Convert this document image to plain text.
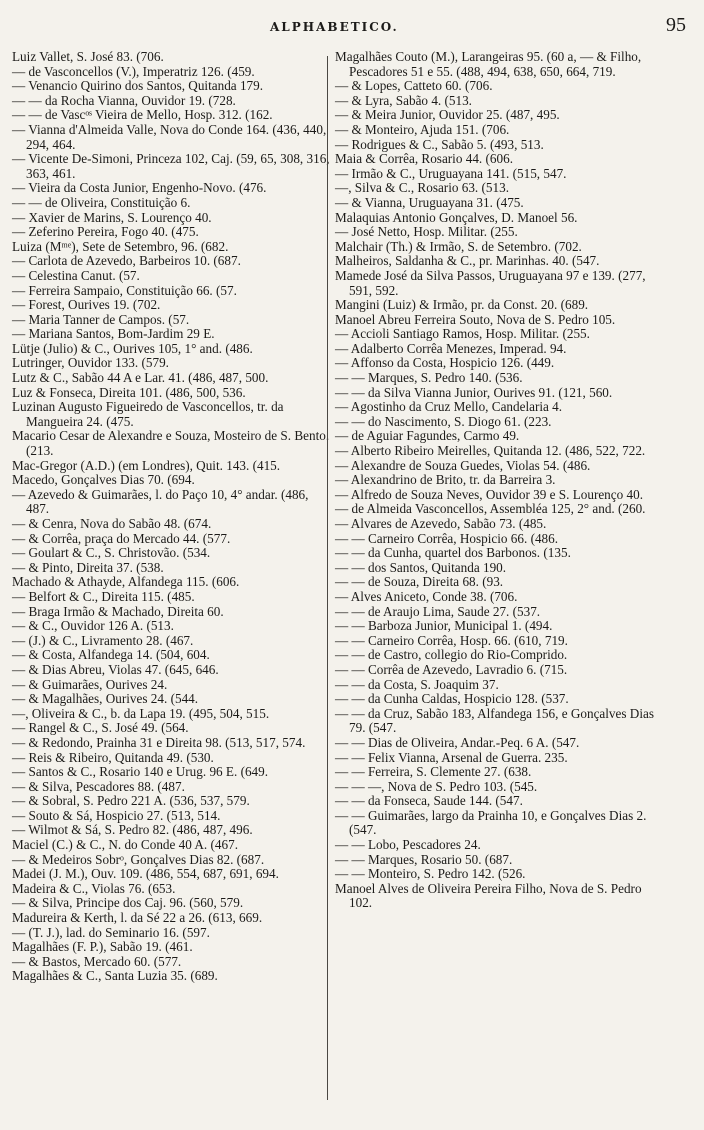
ALPHABETICO.	95
Luiz Vallet, S. José 83. (706.
— de Vasconcellos (V.), Imperatriz 126. (459.
— Venancio Quirino dos Santos, Quitanda 179.
— — da Rocha Vianna, Ouvidor 19. (728.
— — de Vascᵒˢ Vieira de Mello, Hosp. 312. (162.
— Vianna d'Almeida Valle, Nova do Conde 164. (436, 440, 294, 464.
— Vicente De-Simoni, Princeza 102, Caj. (59, 65, 308, 316, 363, 461.
— Vieira da Costa Junior, Engenho-Novo. (476.
— — de Oliveira, Constituição 6.
— Xavier de Marins, S. Lourenço 40.
— Zeferino Pereira, Fogo 40. (475.
Luiza (Mᵐᵉ), Sete de Setembro, 96. (682.
— Carlota de Azevedo, Barbeiros 10. (687.
— Celestina Canut. (57.
— Ferreira Sampaio, Constituição 66. (57.
— Forest, Ourives 19. (702.
— Maria Tanner de Campos. (57.
— Mariana Santos, Bom-Jardim 29 E.
Lütje (Julio) & C., Ourives 105, 1° and. (486.
Lutringer, Ouvidor 133. (579.
Lutz & C., Sabão 44 A e Lar. 41. (486, 487, 500.
Luz & Fonseca, Direita 101. (486, 500, 536.
Luzinan Augusto Figueiredo de Vasconcellos, tr. da Mangueira 24. (475.
Macario Cesar de Alexandre e Souza, Mosteiro de S. Bento. (213.
Mac-Gregor (A.D.) (em Londres), Quit. 143. (415.
Macedo, Gonçalves Dias 70. (694.
— Azevedo & Guimarães, l. do Paço 10, 4° andar. (486, 487.
— & Cenra, Nova do Sabão 48. (674.
— & Corrêa, praça do Mercado 44. (577.
— Goulart & C., S. Christovão. (534.
— & Pinto, Direita 37. (538.
Machado & Athayde, Alfandega 115. (606.
— Belfort & C., Direita 115. (485.
— Braga Irmão & Machado, Direita 60.
— & C., Ouvidor 126 A. (513.
— (J.) & C., Livramento 28. (467.
— & Costa, Alfandega 14. (504, 604.
— & Dias Abreu, Violas 47. (645, 646.
— & Guimarães, Ourives 24.
— & Magalhães, Ourives 24. (544.
—, Oliveira & C., b. da Lapa 19. (495, 504, 515.
— Rangel & C., S. José 49. (564.
— & Redondo, Prainha 31 e Direita 98. (513, 517, 574.
— Reis & Ribeiro, Quitanda 49. (530.
— Santos & C., Rosario 140 e Urug. 96 E. (649.
— & Silva, Pescadores 88. (487.
— & Sobral, S. Pedro 221 A. (536, 537, 579.
— Souto & Sá, Hospicio 27. (513, 514.
— Wilmot & Sá, S. Pedro 82. (486, 487, 496.
Maciel (C.) & C., N. do Conde 40 A. (467.
— & Medeiros Sobrᵒ, Gonçalves Dias 82. (687.
Madei (J. M.), Ouv. 109. (486, 554, 687, 691, 694.
Madeira & C., Violas 76. (653.
— & Silva, Principe dos Caj. 96. (560, 579.
Madureira & Kerth, l. da Sé 22 a 26. (613, 669.
— (T. J.), lad. do Seminario 16. (597.
Magalhães (F. P.), Sabão 19. (461.
— & Bastos, Mercado 60. (577.
Magalhães & C., Santa Luzia 35. (689.
Magalhães Couto (M.), Larangeiras 95. (60 a, — & Filho, Pescadores 51 e 55. (488, 494, 638, 650, 664, 719.
— & Lopes, Catteto 60. (706.
— & Lyra, Sabão 4. (513.
— & Meira Junior, Ouvidor 25. (487, 495.
— & Monteiro, Ajuda 151. (706.
— Rodrigues & C., Sabão 5. (493, 513.
Maia & Corrêa, Rosario 44. (606.
— Irmão & C., Uruguayana 141. (515, 547.
—, Silva & C., Rosario 63. (513.
— & Vianna, Uruguayana 31. (475.
Malaquias Antonio Gonçalves, D. Manoel 56.
— José Netto, Hosp. Militar. (255.
Malchair (Th.) & Irmão, S. de Setembro. (702.
Malheiros, Saldanha & C., pr. Marinhas. 40. (547.
Mamede José da Silva Passos, Uruguayana 97 e 139. (277, 591, 592.
Mangini (Luiz) & Irmão, pr. da Const. 20. (689.
Manoel Abreu Ferreira Souto, Nova de S. Pedro 105.
— Accioli Santiago Ramos, Hosp. Militar. (255.
— Adalberto Corrêa Menezes, Imperad. 94.
— Affonso da Costa, Hospicio 126. (449.
— — Marques, S. Pedro 140. (536.
— — da Silva Vianna Junior, Ourives 91. (121, 560.
— Agostinho da Cruz Mello, Candelaria 4.
— — do Nascimento, S. Diogo 61. (223.
— de Aguiar Fagundes, Carmo 49.
— Alberto Ribeiro Meirelles, Quitanda 12. (486, 522, 722.
— Alexandre de Souza Guedes, Violas 54. (486.
— Alexandrino de Brito, tr. da Barreira 3.
— Alfredo de Souza Neves, Ouvidor 39 e S. Lourenço 40.
— de Almeida Vasconcellos, Assembléa 125, 2° and. (260.
— Alvares de Azevedo, Sabão 73. (485.
— — Carneiro Corrêa, Hospicio 66. (486.
— — da Cunha, quartel dos Barbonos. (135.
— — dos Santos, Quitanda 190.
— — de Souza, Direita 68. (93.
— Alves Aniceto, Conde 38. (706.
— — de Araujo Lima, Saude 27. (537.
— — Barboza Junior, Municipal 1. (494.
— — Carneiro Corrêa, Hosp. 66. (610, 719.
— — de Castro, collegio do Rio-Comprido.
— — Corrêa de Azevedo, Lavradio 6. (715.
— — da Costa, S. Joaquim 37.
— — da Cunha Caldas, Hospicio 128. (537.
— — da Cruz, Sabão 183, Alfandega 156, e Gonçalves Dias 79. (547.
— — Dias de Oliveira, Andar.-Peq. 6 A. (547.
— — Felix Vianna, Arsenal de Guerra. 235.
— — Ferreira, S. Clemente 27. (638.
— — —, Nova de S. Pedro 103. (545.
— — da Fonseca, Saude 144. (547.
— — Guimarães, largo da Prainha 10, e Gonçalves Dias 2. (547.
— — Lobo, Pescadores 24.
— — Marques, Rosario 50. (687.
— — Monteiro, S. Pedro 142. (526.
Manoel Alves de Oliveira Pereira Filho, Nova de S. Pedro 102.
